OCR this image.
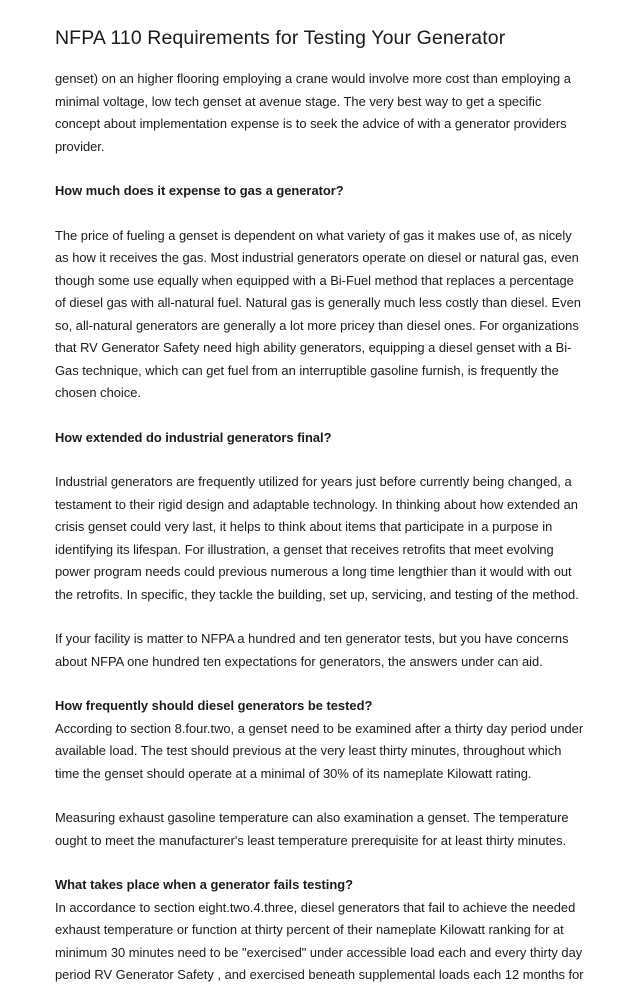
NFPA 110 Requirements for Testing Your Generator

genset) on an higher flooring employing a crane would involve more cost than employing a minimal voltage, low tech genset at avenue stage. The very best way to get a specific concept about implementation expense is to seek the advice of with a generator providers provider.

How much does it expense to gas a generator?

The price of fueling a genset is dependent on what variety of gas it makes use of, as nicely as how it receives the gas. Most industrial generators operate on diesel or natural gas, even though some use equally when equipped with a Bi-Fuel method that replaces a percentage of diesel gas with all-natural fuel. Natural gas is generally much less costly than diesel. Even so, all-natural generators are generally a lot more pricey than diesel ones. For organizations that RV Generator Safety need high ability generators, equipping a diesel genset with a Bi-Gas technique, which can get fuel from an interruptible gasoline furnish, is frequently the chosen choice.

How extended do industrial generators final?

Industrial generators are frequently utilized for years just before currently being changed, a testament to their rigid design and adaptable technology. In thinking about how extended an crisis genset could very last, it helps to think about items that participate in a purpose in identifying its lifespan. For illustration, a genset that receives retrofits that meet evolving power program needs could previous numerous a long time lengthier than it would with out the retrofits. In specific, they tackle the building, set up, servicing, and testing of the method.

If your facility is matter to NFPA a hundred and ten generator tests, but you have concerns about NFPA one hundred ten expectations for generators, the answers under can aid.

How frequently should diesel generators be tested?

According to section 8.four.two, a genset need to be examined after a thirty day period under available load. The test should previous at the very least thirty minutes, throughout which time the genset should operate at a minimal of 30% of its nameplate Kilowatt rating.

Measuring exhaust gasoline temperature can also examination a genset. The temperature ought to meet the manufacturer's least temperature prerequisite for at least thirty minutes.

What takes place when a generator fails testing?

In accordance to section eight.two.4.three, diesel generators that fail to achieve the needed exhaust temperature or function at thirty percent of their nameplate Kilowatt ranking for at minimum 30 minutes need to be "exercised" under accessible load each and every thirty day period RV Generator Safety , and exercised beneath supplemental loads each 12 months for
